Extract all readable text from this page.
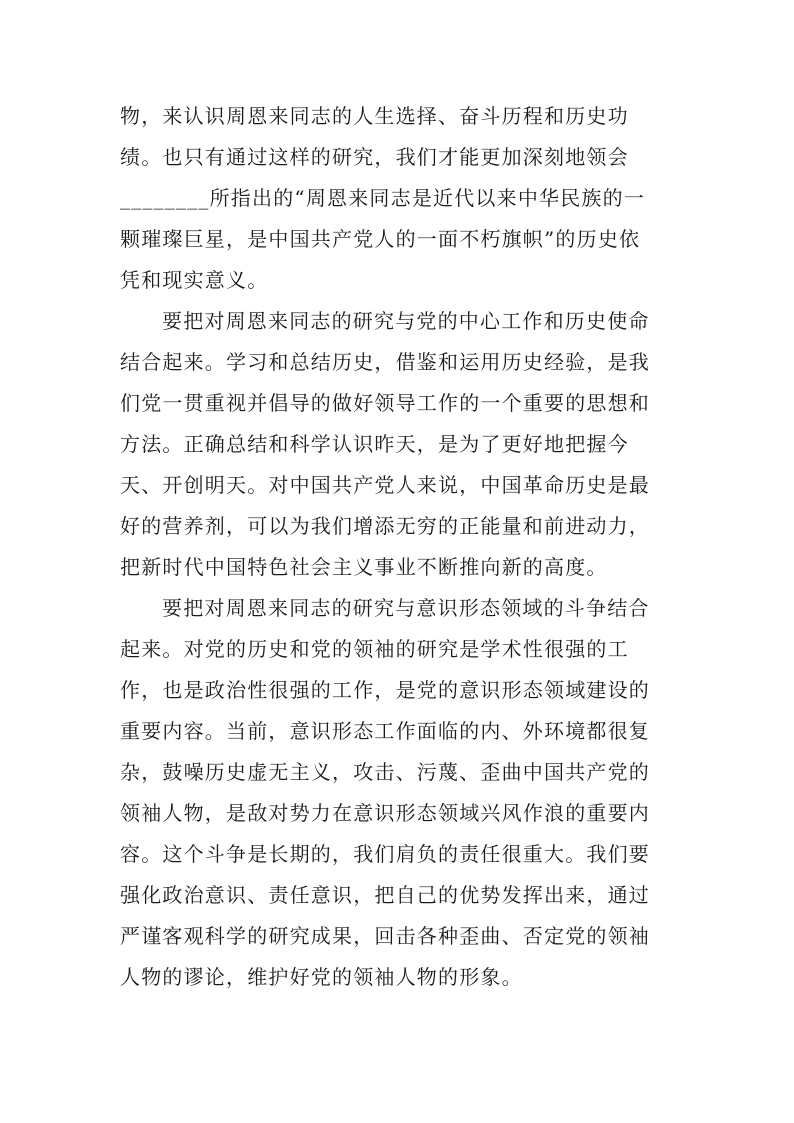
物，来认识周恩来同志的人生选择、奋斗历程和历史功
绩。也只有通过这样的研究，我们才能更加深刻地领会
________所指出的“周恩来同志是近代以来中华民族的一
颗璀璨巨星，是中国共产党人的一面不朽旗帜”的历史依
凭和现实意义。
要把对周恩来同志的研究与党的中心工作和历史使命
结合起来。学习和总结历史，借鉴和运用历史经验，是我
们党一贯重视并倡导的做好领导工作的一个重要的思想和
方法。正确总结和科学认识昨天，是为了更好地把握今
天、开创明天。对中国共产党人来说，中国革命历史是最
好的营养剂，可以为我们增添无穷的正能量和前进动力，
把新时代中国特色社会主义事业不断推向新的高度。
要把对周恩来同志的研究与意识形态领域的斗争结合
起来。对党的历史和党的领袖的研究是学术性很强的工
作，也是政治性很强的工作，是党的意识形态领域建设的
重要内容。当前，意识形态工作面临的内、外环境都很复
杂，鼓噪历史虚无主义，攻击、污蔑、歪曲中国共产党的
领袖人物，是敌对势力在意识形态领域兴风作浪的重要内
容。这个斗争是长期的，我们肩负的责任很重大。我们要
强化政治意识、责任意识，把自己的优势发挥出来，通过
严谨客观科学的研究成果，回击各种歪曲、否定党的领袖
人物的谬论，维护好党的领袖人物的形象。
